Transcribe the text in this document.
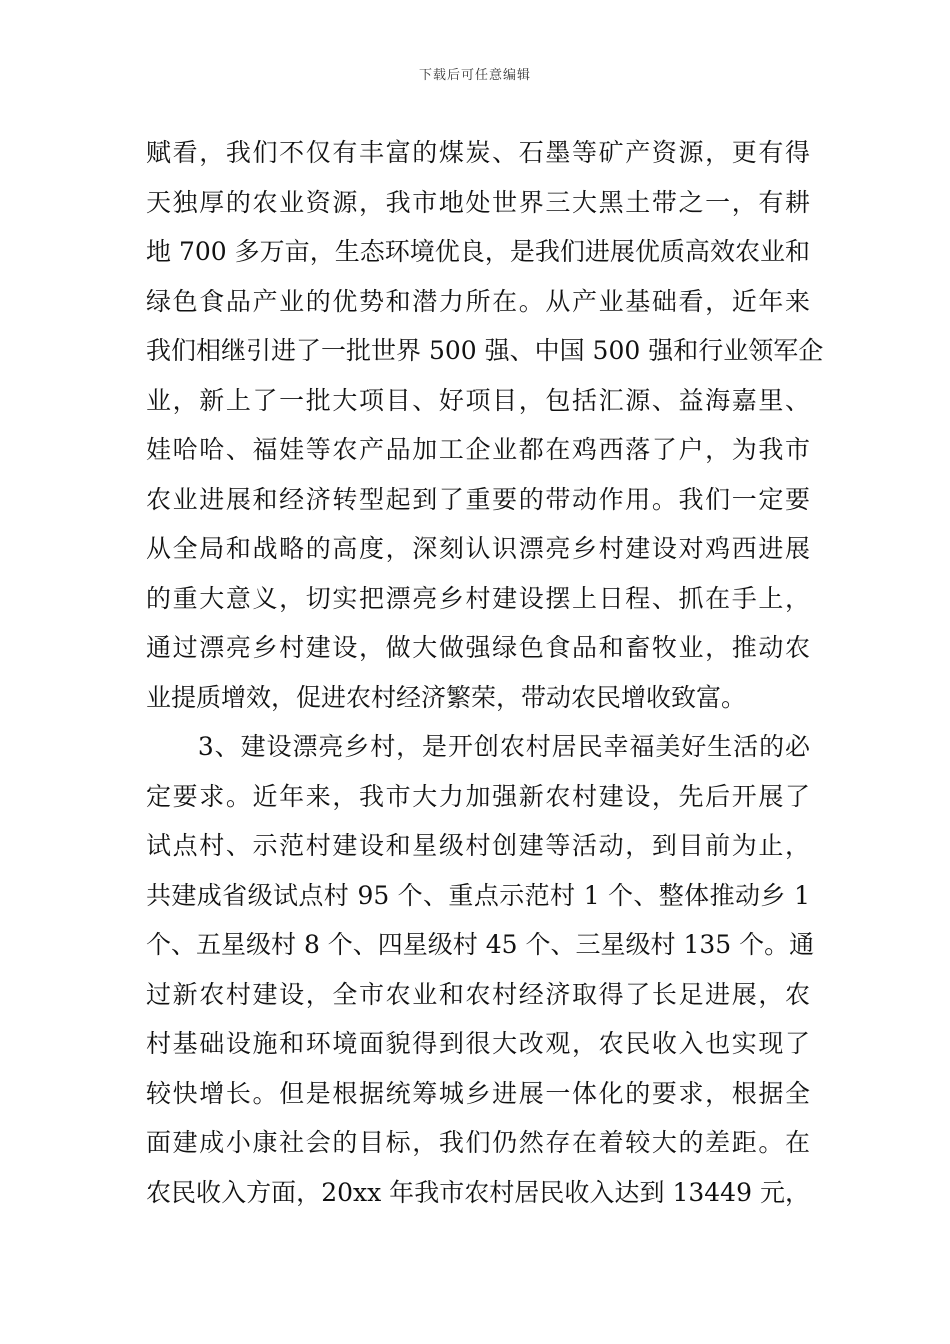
下载后可任意编辑
赋看，我们不仅有丰富的煤炭、石墨等矿产资源，更有得
天独厚的农业资源，我市地处世界三大黑土带之一，有耕
地 700 多万亩，生态环境优良，是我们进展优质高效农业和
绿色食品产业的优势和潜力所在。从产业基础看，近年来
我们相继引进了一批世界 500 强、中国 500 强和行业领军企
业，新上了一批大项目、好项目，包括汇源、益海嘉里、
娃哈哈、福娃等农产品加工企业都在鸡西落了户，为我市
农业进展和经济转型起到了重要的带动作用。我们一定要
从全局和战略的高度，深刻认识漂亮乡村建设对鸡西进展
的重大意义，切实把漂亮乡村建设摆上日程、抓在手上，
通过漂亮乡村建设，做大做强绿色食品和畜牧业，推动农
业提质增效，促进农村经济繁荣，带动农民增收致富。
　　3、建设漂亮乡村，是开创农村居民幸福美好生活的必
定要求。近年来，我市大力加强新农村建设，先后开展了
试点村、示范村建设和星级村创建等活动，到目前为止，
共建成省级试点村 95 个、重点示范村 1 个、整体推动乡 1
个、五星级村 8 个、四星级村 45 个、三星级村 135 个。通
过新农村建设，全市农业和农村经济取得了长足进展，农
村基础设施和环境面貌得到很大改观，农民收入也实现了
较快增长。但是根据统筹城乡进展一体化的要求，根据全
面建成小康社会的目标，我们仍然存在着较大的差距。在
农民收入方面，20xx 年我市农村居民收入达到 13449 元，
